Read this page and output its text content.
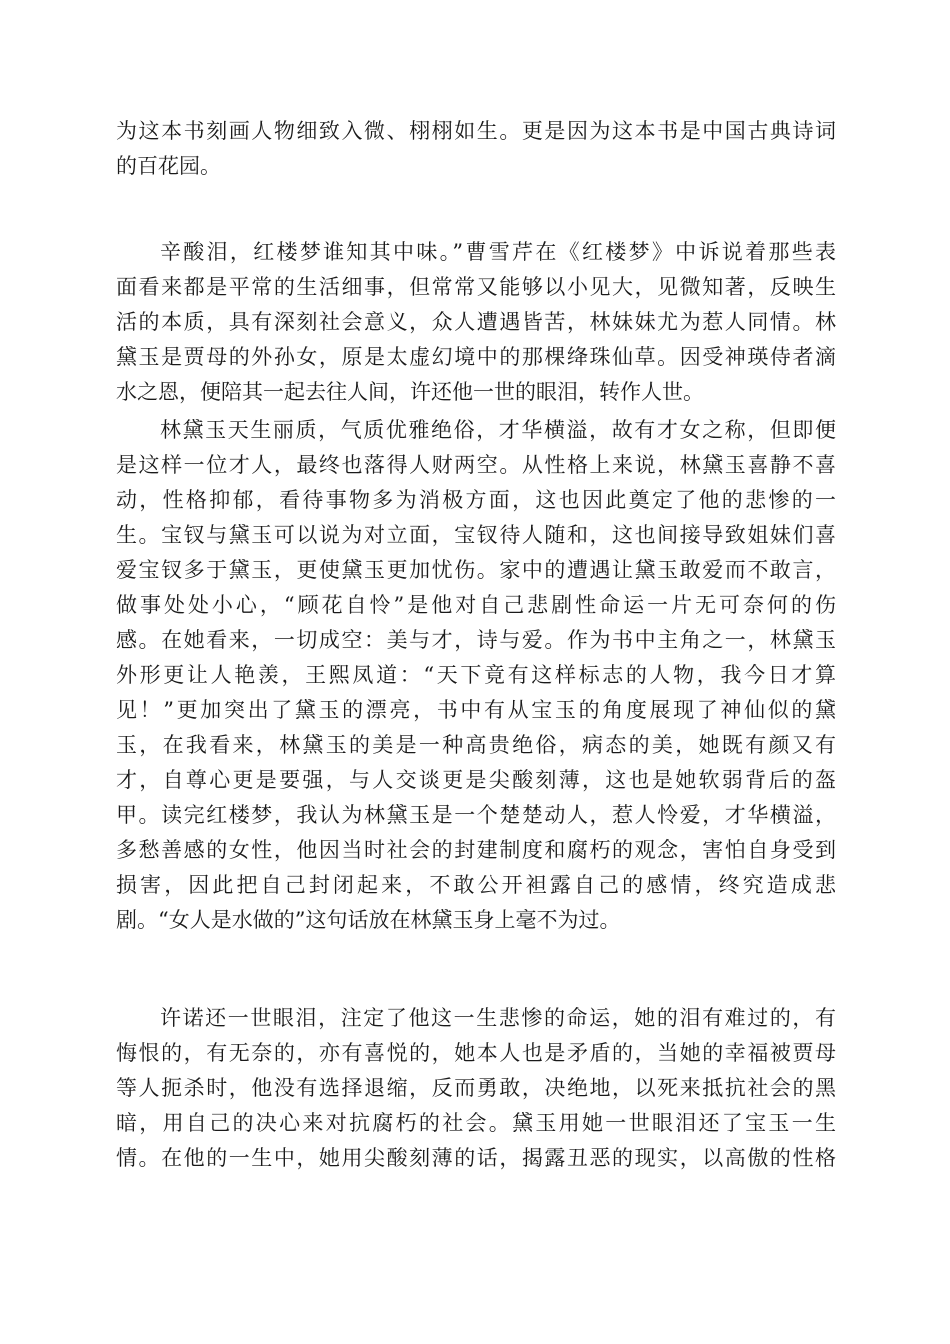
为这本书刻画人物细致入微、栩栩如生。更是因为这本书是中国古典诗词
的百花园。
辛酸泪，红楼梦谁知其中味。”曹雪芹在《红楼梦》中诉说着那些表
面看来都是平常的生活细事，但常常又能够以小见大，见微知著，反映生
活的本质，具有深刻社会意义，众人遭遇皆苦，林妹妹尤为惹人同情。林
黛玉是贾母的外孙女，原是太虚幻境中的那棵绛珠仙草。因受神瑛侍者滴
水之恩，便陪其一起去往人间，许还他一世的眼泪，转作人世。
林黛玉天生丽质，气质优雅绝俗，才华横溢，故有才女之称，但即便
是这样一位才人，最终也落得人财两空。从性格上来说，林黛玉喜静不喜
动，性格抑郁，看待事物多为消极方面，这也因此奠定了他的悲惨的一
生。宝钗与黛玉可以说为对立面，宝钗待人随和，这也间接导致姐妹们喜
爱宝钗多于黛玉，更使黛玉更加忧伤。家中的遭遇让黛玉敢爱而不敢言，
做事处处小心，“顾花自怜”是他对自己悲剧性命运一片无可奈何的伤
感。在她看来，一切成空：美与才，诗与爱。作为书中主角之一，林黛玉
外形更让人艳羡，王熙凤道：“天下竟有这样标志的人物，我今日才算
见！”更加突出了黛玉的漂亮，书中有从宝玉的角度展现了神仙似的黛
玉，在我看来，林黛玉的美是一种高贵绝俗，病态的美，她既有颜又有
才，自尊心更是要强，与人交谈更是尖酸刻薄，这也是她软弱背后的盔
甲。读完红楼梦，我认为林黛玉是一个楚楚动人，惹人怜爱，才华横溢，
多愁善感的女性，他因当时社会的封建制度和腐朽的观念，害怕自身受到
损害，因此把自己封闭起来，不敢公开袒露自己的感情，终究造成悲
剧。“女人是水做的”这句话放在林黛玉身上毫不为过。
许诺还一世眼泪，注定了他这一生悲惨的命运，她的泪有难过的，有
悔恨的，有无奈的，亦有喜悦的，她本人也是矛盾的，当她的幸福被贾母
等人扼杀时，他没有选择退缩，反而勇敢，决绝地，以死来抵抗社会的黑
暗，用自己的决心来对抗腐朽的社会。黛玉用她一世眼泪还了宝玉一生
情。在他的一生中，她用尖酸刻薄的话，揭露丑恶的现实，以高傲的性格
